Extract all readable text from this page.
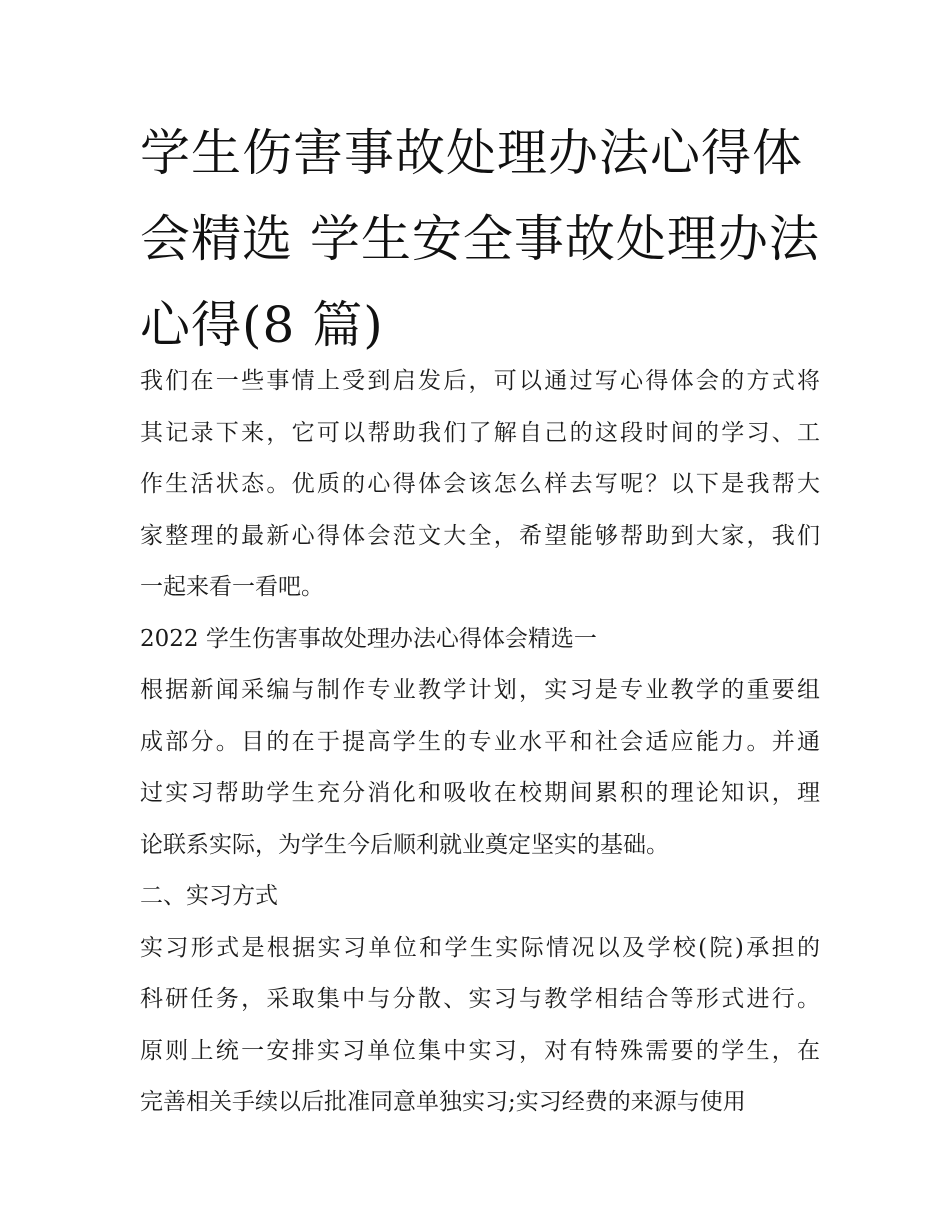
学生伤害事故处理办法心得体
会精选 学生安全事故处理办法
心得(8 篇)
我们在一些事情上受到启发后，可以通过写心得体会的方式将
其记录下来，它可以帮助我们了解自己的这段时间的学习、工
作生活状态。优质的心得体会该怎么样去写呢？以下是我帮大
家整理的最新心得体会范文大全，希望能够帮助到大家，我们
一起来看一看吧。
2022 学生伤害事故处理办法心得体会精选一
根据新闻采编与制作专业教学计划，实习是专业教学的重要组
成部分。目的在于提高学生的专业水平和社会适应能力。并通
过实习帮助学生充分消化和吸收在校期间累积的理论知识，理
论联系实际，为学生今后顺利就业奠定坚实的基础。
二、实习方式
实习形式是根据实习单位和学生实际情况以及学校(院)承担的
科研任务，采取集中与分散、实习与教学相结合等形式进行。
原则上统一安排实习单位集中实习，对有特殊需要的学生，在
完善相关手续以后批准同意单独实习;实习经费的来源与使用
